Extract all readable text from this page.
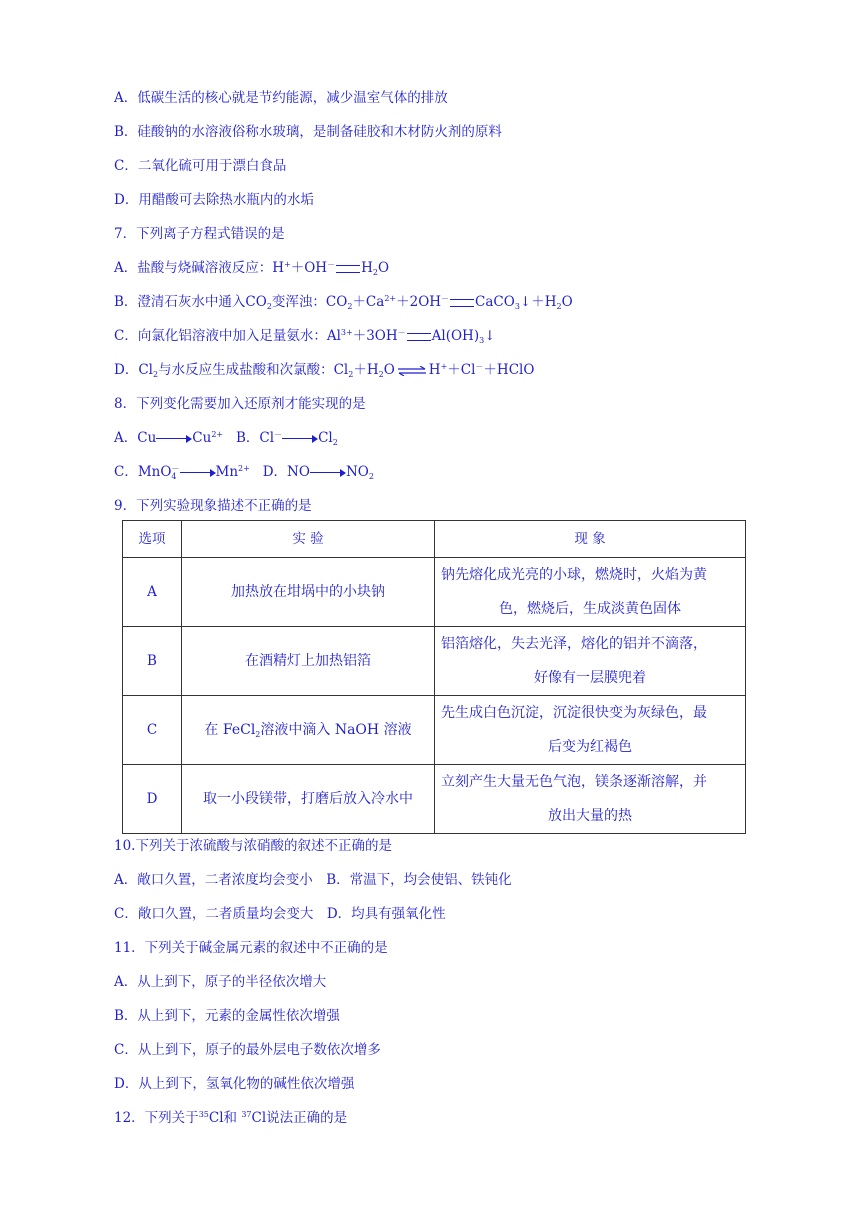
A．低碳生活的核心就是节约能源，减少温室气体的排放
B．硅酸钠的水溶液俗称水玻璃，是制备硅胶和木材防火剂的原料
C．二氧化硫可用于漂白食品
D．用醋酸可去除热水瓶内的水垢
7．下列离子方程式错误的是
A．盐酸与烧碱溶液反应：H+＋OH－ $H_2O$
B．澄清石灰水中通入$CO_2$变浑浊：$CO_2+Ca^{2+}+2OH^-$ $CaCO_3↓+H_2O$
C．向氯化铝溶液中加入足量氨水：$Al^{3+}+3OH^-$ $Al(OH)_3↓$
D．$Cl_2$与水反应生成盐酸和次氯酸：$Cl_2+H_2O$ ⇌ H+＋Cl－＋HClO
8．下列变化需要加入还原剂才能实现的是
A．Cu	$Cu^{2+}$ B．Cl－	$Cl_2$
C．MnO$_4$－	$Mn^{2+}$ D．NO	$NO_2$
9．下列实验现象描述不正确的是
选项	实 验	现 象
A	加热放在坩埚中的小块钠	钠先熔化成光亮的小球，燃烧时，火焰为黄
色，燃烧后，生成淡黄色固体

B	在酒精灯上加热铝箔	铝箔熔化，失去光泽，熔化的铝并不滴落，
好像有一层膜兜着

C	在 FeCl$_2$溶液中滴入 NaOH 溶液	先生成白色沉淀，沉淀很快变为灰绿色，最
后变为红褐色

D	取一小段镁带，打磨后放入冷水中	立刻产生大量无色气泡，镁条逐渐溶解，并
放出大量的热
10.下列关于浓硫酸与浓硝酸的叙述不正确的是
A．敞口久置，二者浓度均会变小　B．常温下，均会使铝、铁钝化
C．敞口久置，二者质量均会变大　D．均具有强氧化性
11．下列关于碱金属元素的叙述中不正确的是
A．从上到下，原子的半径依次增大
B．从上到下，元素的金属性依次增强
C．从上到下，原子的最外层电子数依次增多
D．从上到下，氢氧化物的碱性依次增强
12．下列关于$^{35}$Cl和 $^{37}$Cl说法正确的是
